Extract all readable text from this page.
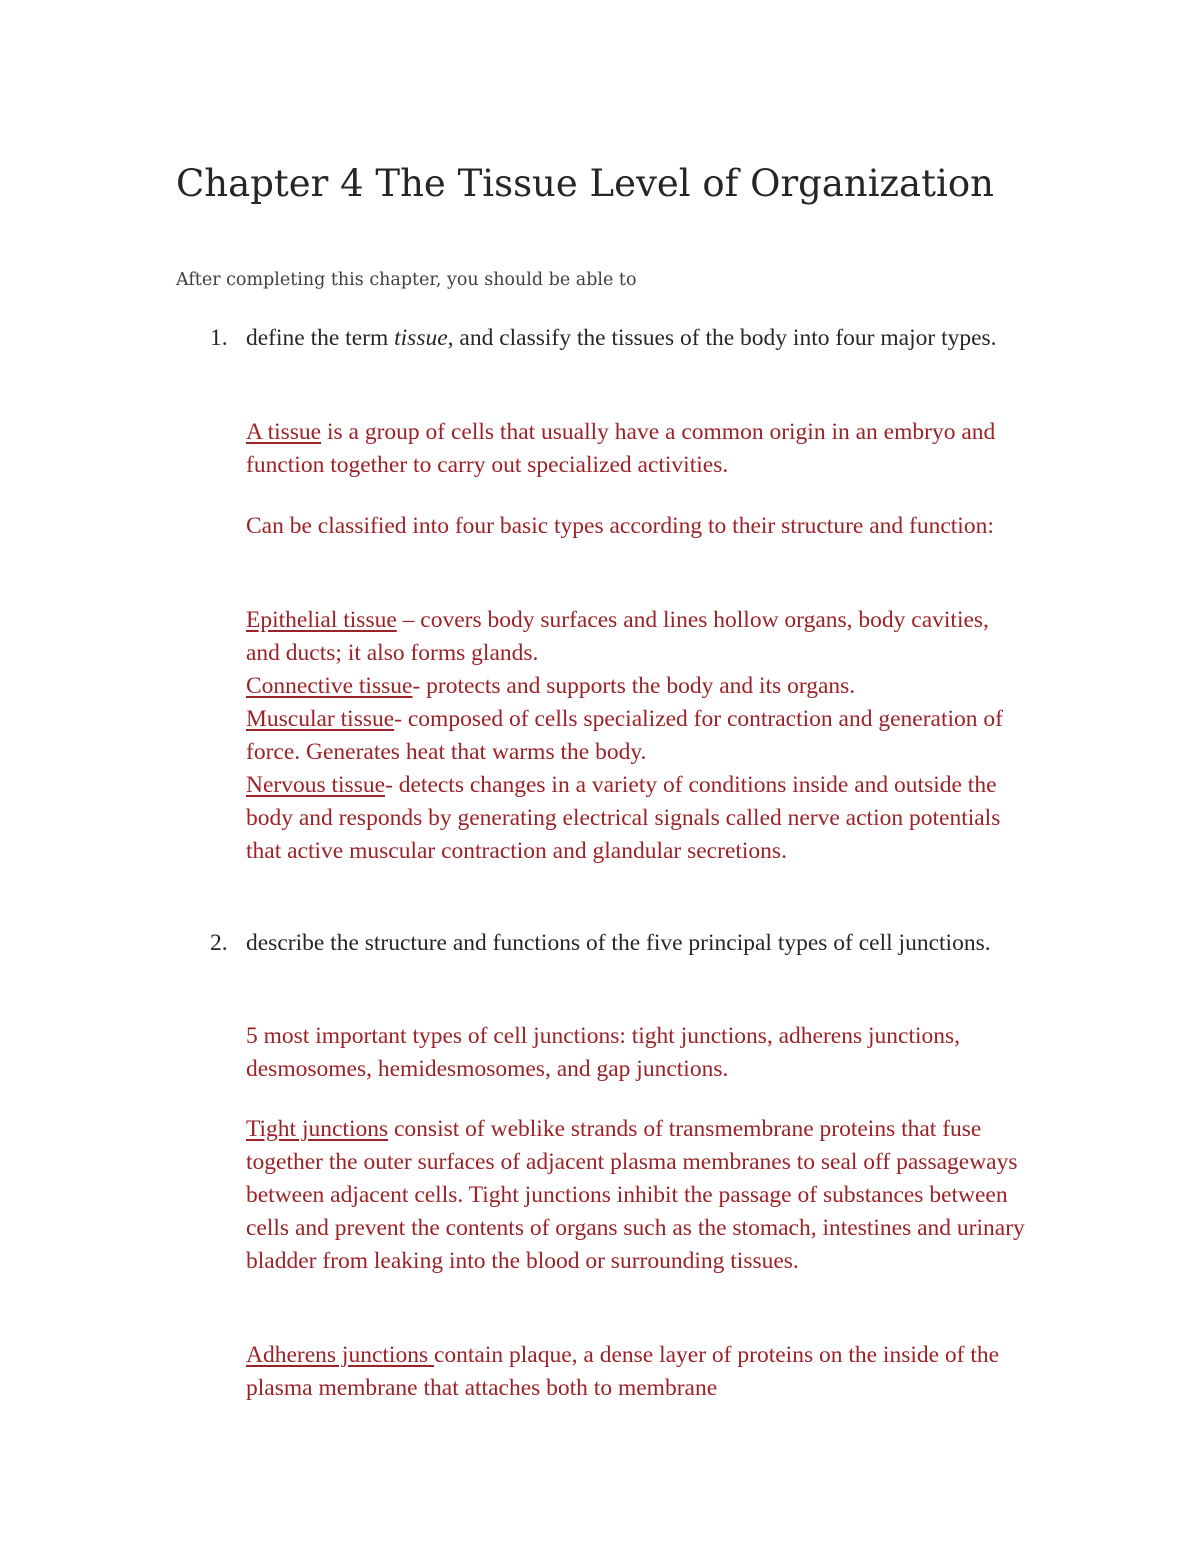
Chapter 4 The Tissue Level of Organization

After completing this chapter, you should be able to

1. define the term tissue, and classify the tissues of the body into four major types.

A tissue is a group of cells that usually have a common origin in an embryo and function together to carry out specialized activities.

Can be classified into four basic types according to their structure and function:

Epithelial tissue – covers body surfaces and lines hollow organs, body cavities, and ducts; it also forms glands.
Connective tissue- protects and supports the body and its organs.
Muscular tissue- composed of cells specialized for contraction and generation of force. Generates heat that warms the body.
Nervous tissue- detects changes in a variety of conditions inside and outside the body and responds by generating electrical signals called nerve action potentials that active muscular contraction and glandular secretions.
2. describe the structure and functions of the five principal types of cell junctions.

5 most important types of cell junctions: tight junctions, adherens junctions, desmosomes, hemidesmosomes, and gap junctions.

Tight junctions consist of weblike strands of transmembrane proteins that fuse together the outer surfaces of adjacent plasma membranes to seal off passageways between adjacent cells. Tight junctions inhibit the passage of substances between cells and prevent the contents of organs such as the stomach, intestines and urinary bladder from leaking into the blood or surrounding tissues.

Adherens junctions contain plaque, a dense layer of proteins on the inside of the plasma membrane that attaches both to membrane
